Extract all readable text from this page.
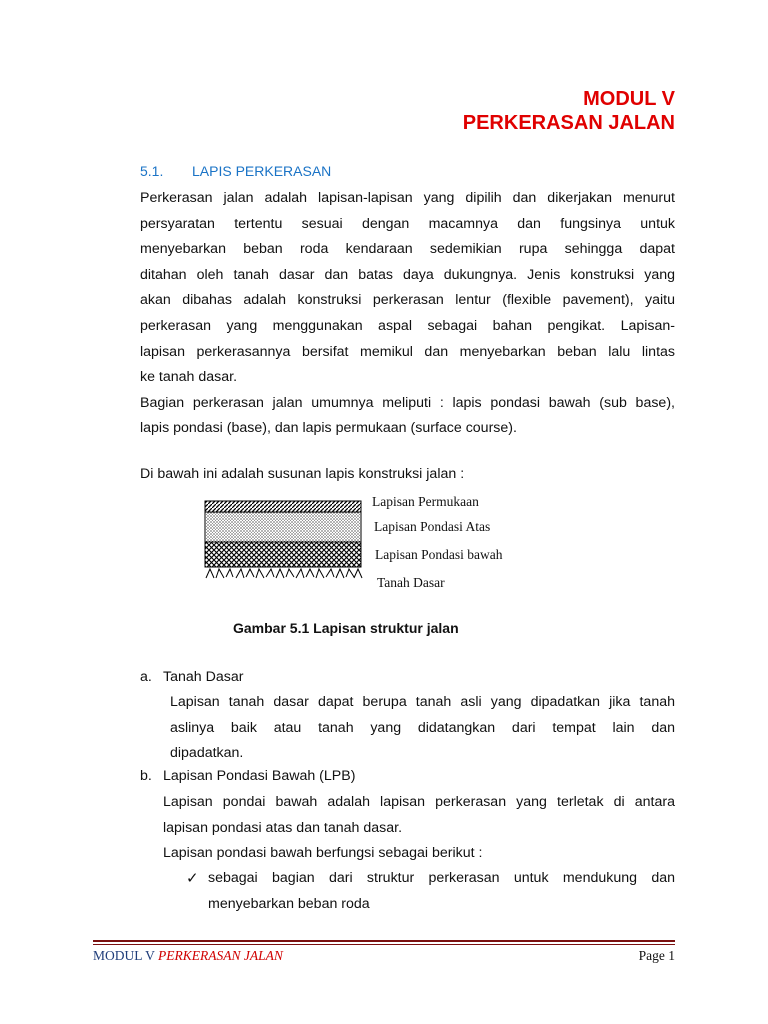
MODUL V
PERKERASAN JALAN
5.1. LAPIS PERKERASAN
Perkerasan jalan adalah lapisan-lapisan yang dipilih dan dikerjakan menurut
persyaratan tertentu sesuai dengan macamnya dan fungsinya untuk
menyebarkan beban roda kendaraan sedemikian rupa sehingga dapat
ditahan oleh tanah dasar dan batas daya dukungnya. Jenis konstruksi yang
akan dibahas adalah konstruksi perkerasan lentur (flexible pavement), yaitu
perkerasan yang menggunakan aspal sebagai bahan pengikat. Lapisan-
lapisan perkerasannya bersifat memikul dan menyebarkan beban lalu lintas
ke tanah dasar.
Bagian perkerasan jalan umumnya meliputi : lapis pondasi bawah (sub base),
lapis pondasi (base), dan lapis permukaan (surface course).
Di bawah ini adalah susunan lapis konstruksi jalan :
Lapisan Permukaan
Lapisan Pondasi Atas
Lapisan Pondasi bawah
Tanah Dasar
Gambar 5.1 Lapisan struktur jalan
a. Tanah Dasar
Lapisan tanah dasar dapat berupa tanah asli yang dipadatkan jika tanah
aslinya baik atau tanah yang didatangkan dari tempat lain dan
dipadatkan.
b. Lapisan Pondasi Bawah (LPB)
Lapisan pondai bawah adalah lapisan perkerasan yang terletak di antara
lapisan pondasi atas dan tanah dasar.
Lapisan pondasi bawah berfungsi sebagai berikut :
✓ sebagai bagian dari struktur perkerasan untuk mendukung dan
menyebarkan beban roda
MODUL V PERKERASAN JALAN	Page 1
